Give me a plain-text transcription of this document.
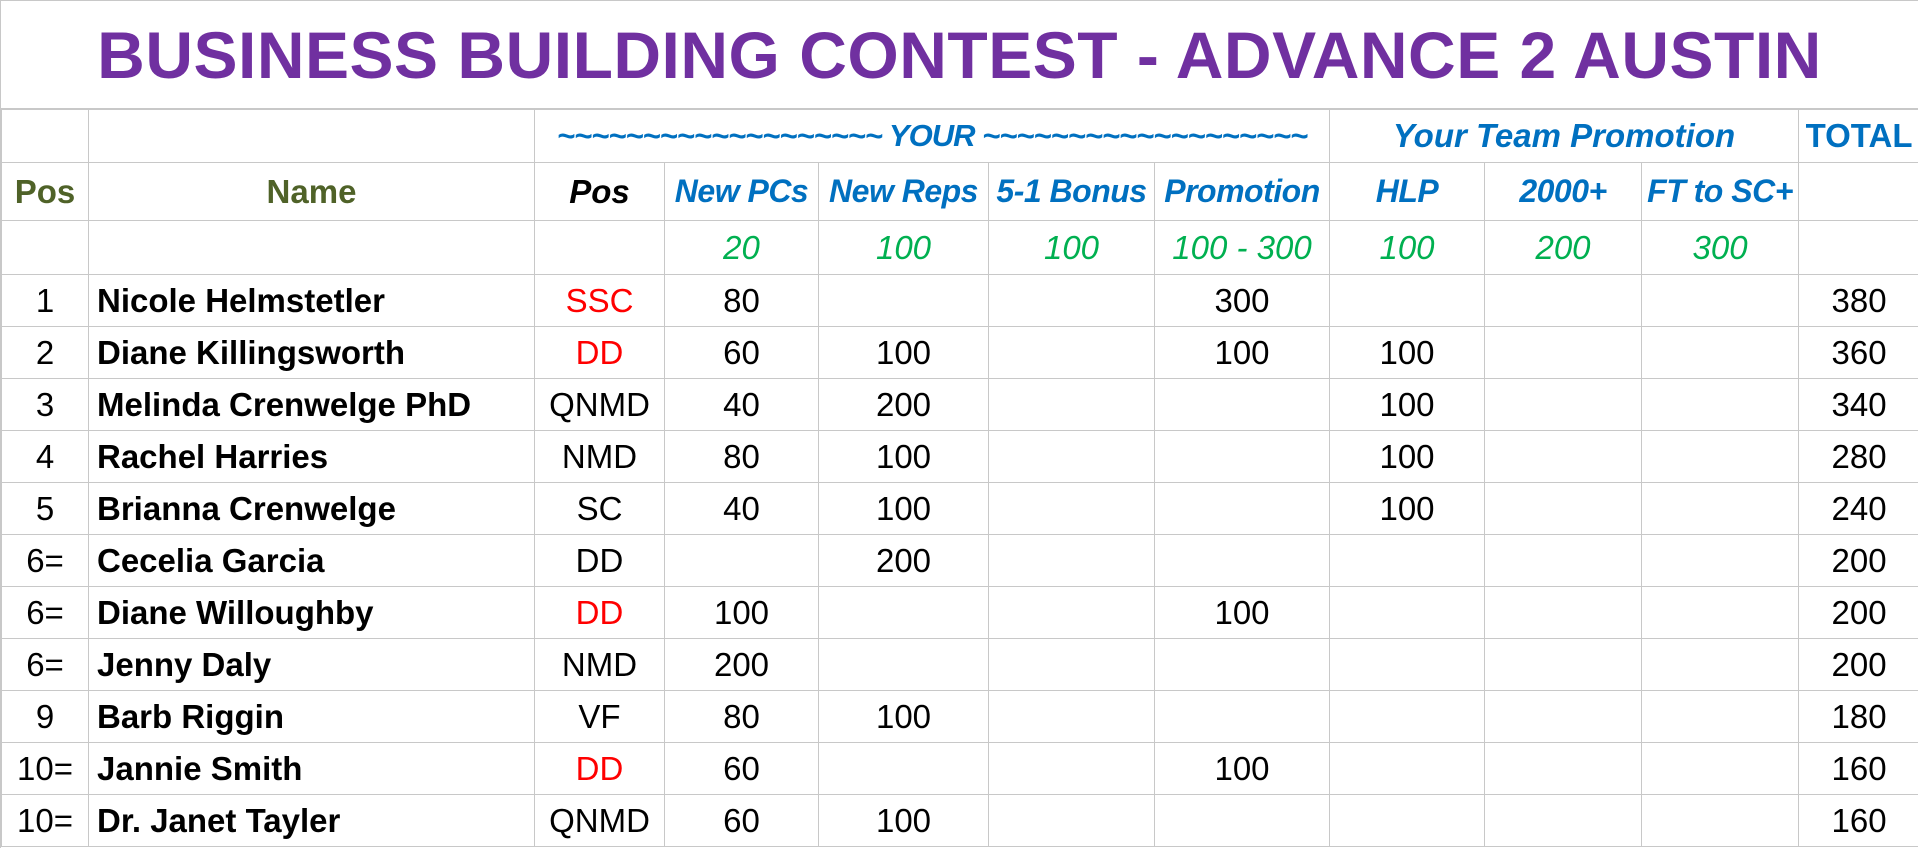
BUSINESS BUILDING CONTEST - ADVANCE 2 AUSTIN
		~~~~~~~~~~~~~~~~~~~ YOUR ~~~~~~~~~~~~~~~~~~~					Your Team Promotion			TOTAL
Pos	Name	Pos	New PCs	New Reps	5-1 Bonus	Promotion	HLP	2000+	FT to SC+	
			20	100	100	100 - 300	100	200	300	
1	Nicole Helmstetler	SSC	80			300				380
2	Diane Killingsworth	DD	60	100		100	100			360
3	Melinda Crenwelge PhD	QNMD	40	200			100			340
4	Rachel Harries	NMD	80	100			100			280
5	Brianna Crenwelge	SC	40	100			100			240
6=	Cecelia Garcia	DD		200						200
6=	Diane Willoughby	DD	100			100				200
6=	Jenny Daly	NMD	200							200
9	Barb Riggin	VF	80	100						180
10=	Jannie Smith	DD	60			100				160
10=	Dr. Janet Tayler	QNMD	60	100						160
